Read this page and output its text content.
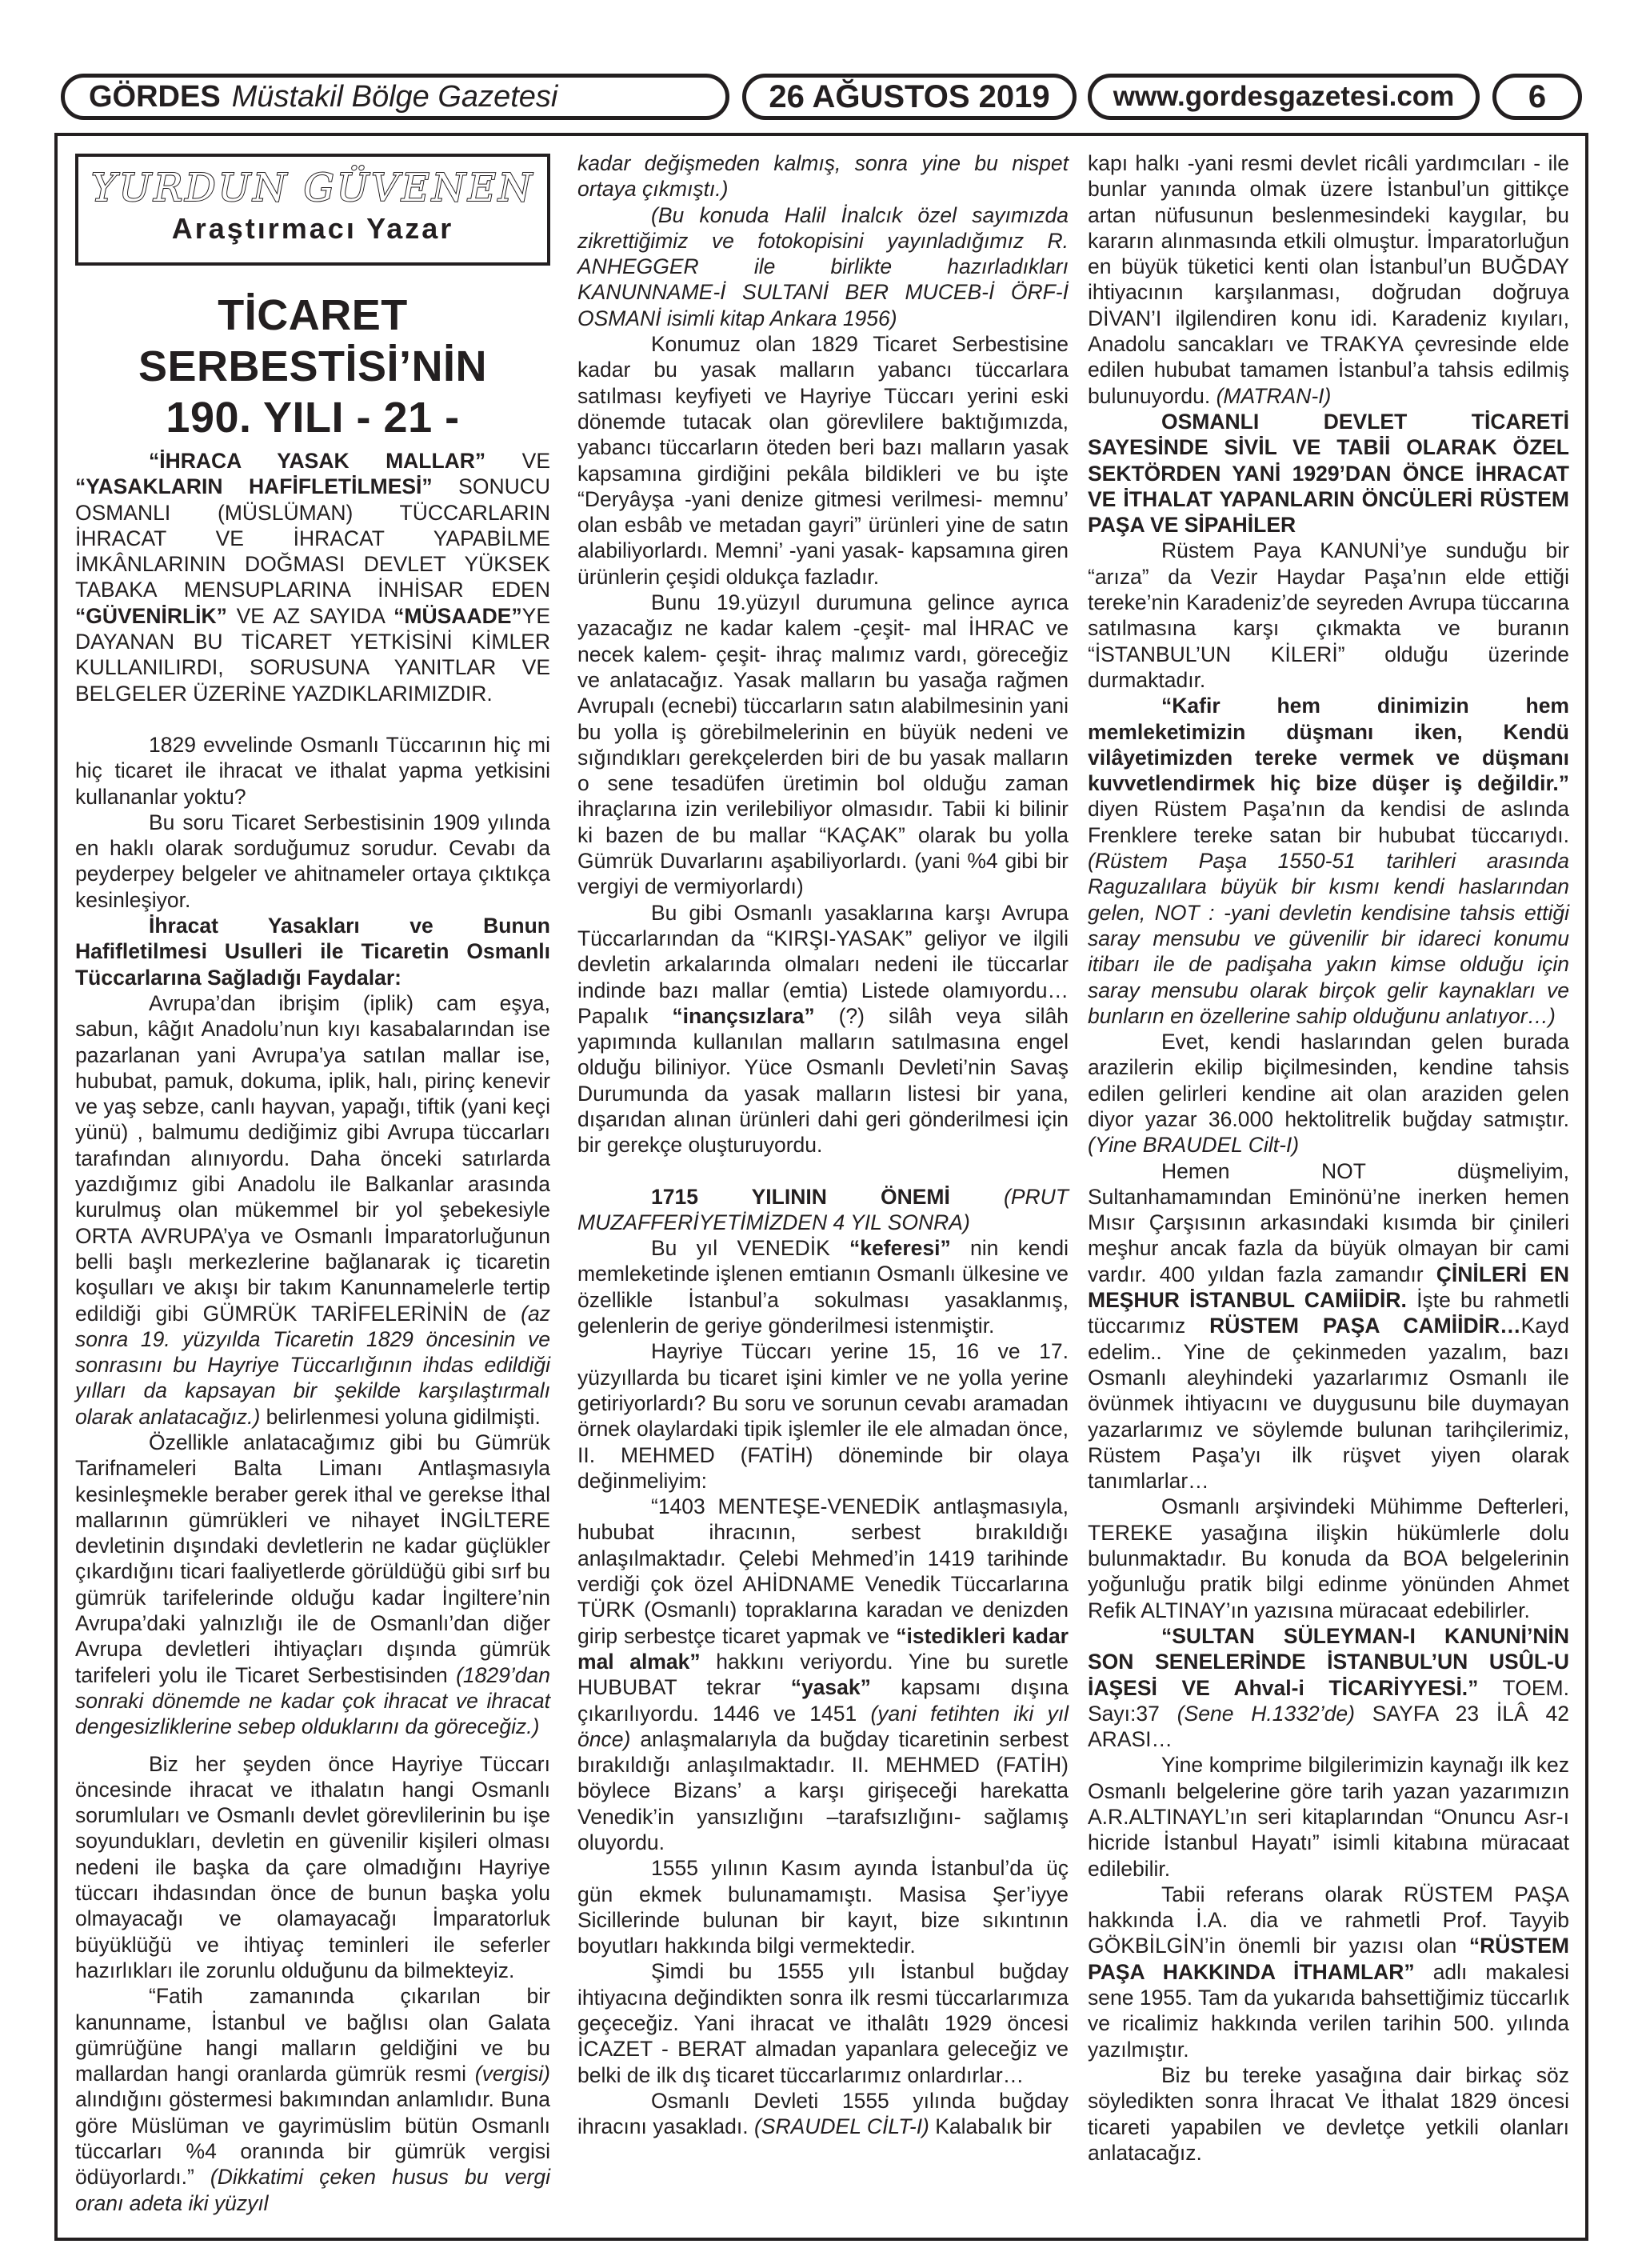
GÖRDES Müstakil Bölge Gazetesi	26 AĞUSTOS 2019 www.gordesgazetesi.com 6
YURDUN GÜVENEN
Araştırmacı Yazar
TİCARET SERBESTİSİ’NİN
190. YILI - 21 -

“İHRACA YASAK MALLAR” VE “YASAKLARIN HAFİFLETİLMESİ” SONUCU OSMANLI (MÜSLÜMAN) TÜCCARLARIN İHRACAT VE İHRACAT YAPABİLME İMKÂNLARININ DOĞMASI DEVLET YÜKSEK TABAKA MENSUPLARINA İNHİSAR EDEN “GÜVENİRLİK” VE AZ SAYIDA “MÜSAADE”YE DAYANAN BU TİCARET YETKİSİNİ KİMLER KULLANILIRDI, SORUSUNA YANITLAR VE BELGELER ÜZERİNE YAZDIKLARIMIZDIR.

1829 evvelinde Osmanlı Tüccarının hiç mi hiç ticaret ile ihracat ve ithalat yapma yetkisini kullananlar yoktu?

Bu soru Ticaret Serbestisinin 1909 yılında en haklı olarak sorduğumuz sorudur. Cevabı da peyderpey belgeler ve ahitnameler ortaya çıktıkça kesinleşiyor.

İhracat Yasakları ve Bunun Hafifletilmesi Usulleri ile Ticaretin Osmanlı Tüccarlarına Sağladığı Faydalar:

Avrupa’dan ibrişim (iplik) cam eşya, sabun, kâğıt Anadolu’nun kıyı kasabalarından ise pazarlanan yani Avrupa’ya satılan mallar ise, hububat, pamuk, dokuma, iplik, halı, pirinç kenevir ve yaş sebze, canlı hayvan, yapağı, tiftik (yani keçi yünü) , balmumu dediğimiz gibi Avrupa tüccarları tarafından alınıyordu. Daha önceki satırlarda yazdığımız gibi Anadolu ile Balkanlar arasında kurulmuş olan mükemmel bir yol şebekesiyle ORTA AVRUPA’ya ve Osmanlı İmparatorluğunun belli başlı merkezlerine bağlanarak iç ticaretin koşulları ve akışı bir takım Kanunnamelerle tertip edildiği gibi GÜMRÜK TARİFELERİNİN de (az sonra 19. yüzyılda Ticaretin 1829 öncesinin ve sonrasını bu Hayriye Tüccarlığının ihdas edildiği yılları da kapsayan bir şekilde karşılaştırmalı olarak anlatacağız.) belirlenmesi yoluna gidilmişti.

Özellikle anlatacağımız gibi bu Gümrük Tarifnameleri Balta Limanı Antlaşmasıyla kesinleşmekle beraber gerek ithal ve gerekse İthal mallarının gümrükleri ve nihayet İNGİLTERE devletinin dışındaki devletlerin ne kadar güçlükler çıkardığını ticari faaliyetlerde görüldüğü gibi sırf bu gümrük tarifelerinde olduğu kadar İngiltere’nin Avrupa’daki yalnızlığı ile de Osmanlı’dan diğer Avrupa devletleri ihtiyaçları dışında gümrük tarifeleri yolu ile Ticaret Serbestisinden (1829’dan sonraki dönemde ne kadar çok ihracat ve ihracat dengesizliklerine sebep olduklarını da göreceğiz.)

Biz her şeyden önce Hayriye Tüccarı öncesinde ihracat ve ithalatın hangi Osmanlı sorumluları ve Osmanlı devlet görevlilerinin bu işe soyundukları, devletin en güvenilir kişileri olması nedeni ile başka da çare olmadığını Hayriye tüccarı ihdasından önce de bunun başka yolu olmayacağı ve olamayacağı İmparatorluk büyüklüğü ve ihtiyaç teminleri ile seferler hazırlıkları ile zorunlu olduğunu da bilmekteyiz.

“Fatih zamanında çıkarılan bir kanunname, İstanbul ve bağlısı olan Galata gümrüğüne hangi malların geldiğini ve bu mallardan hangi oranlarda gümrük resmi (vergisi) alındığını göstermesi bakımından anlamlıdır. Buna göre Müslüman ve gayrimüslim bütün Osmanlı tüccarları %4 oranında bir gümrük vergisi ödüyorlardı.” (Dikkatimi çeken husus bu vergi oranı adeta iki yüzyıl

kadar değişmeden kalmış, sonra yine bu nispet ortaya çıkmıştı.)

(Bu konuda Halil İnalcık özel sayımızda zikrettiğimiz ve fotokopisini yayınladığımız R. ANHEGGER ile birlikte hazırladıkları KANUNNAME-İ SULTANİ BER MUCEB-İ ÖRF-İ OSMANİ isimli kitap Ankara 1956)

Konumuz olan 1829 Ticaret Serbestisine kadar bu yasak malların yabancı tüccarlara satılması keyfiyeti ve Hayriye Tüccarı yerini eski dönemde tutacak olan görevlilere baktığımızda, yabancı tüccarların öteden beri bazı malların yasak kapsamına girdiğini pekâla bildikleri ve bu işte “Deryâyşa -yani denize gitmesi verilmesi- memnu’ olan esbâb ve metadan gayri” ürünleri yine de satın alabiliyorlardı. Memni’ -yani yasak- kapsamına giren ürünlerin çeşidi oldukça fazladır.

Bunu 19.yüzyıl durumuna gelince ayrıca yazacağız ne kadar kalem -çeşit- mal İHRAC ve necek kalem- çeşit- ihraç malımız vardı, göreceğiz ve anlatacağız. Yasak malların bu yasağa rağmen Avrupalı (ecnebi) tüccarların satın alabilmesinin yani bu yolla iş görebilmelerinin en büyük nedeni ve sığındıkları gerekçelerden biri de bu yasak malların o sene tesadüfen üretimin bol olduğu zaman ihraçlarına izin verilebiliyor olmasıdır. Tabii ki bilinir ki bazen de bu mallar “KAÇAK” olarak bu yolla Gümrük Duvarlarını aşabiliyorlardı. (yani %4 gibi bir vergiyi de vermiyorlardı)

Bu gibi Osmanlı yasaklarına karşı Avrupa Tüccarlarından da “KIRŞI-YASAK” geliyor ve ilgili devletin arkalarında olmaları nedeni ile tüccarlar indinde bazı mallar (emtia) Listede olamıyordu… Papalık “inançsızlara” (?) silâh veya silâh yapımında kullanılan malların satılmasına engel olduğu biliniyor. Yüce Osmanlı Devleti’nin Savaş Durumunda da yasak malların listesi bir yana, dışarıdan alınan ürünleri dahi geri gönderilmesi için bir gerekçe oluşturuyordu.

1715 YILININ ÖNEMİ (PRUT MUZAFFERİYETİMİZDEN 4 YIL SONRA)

Bu yıl VENEDİK “keferesi” nin kendi memleketinde işlenen emtianın Osmanlı ülkesine ve özellikle İstanbul’a sokulması yasaklanmış, gelenlerin de geriye gönderilmesi istenmiştir.

Hayriye Tüccarı yerine 15, 16 ve 17. yüzyıllarda bu ticaret işini kimler ve ne yolla yerine getiriyorlardı? Bu soru ve sorunun cevabı aramadan örnek olaylardaki tipik işlemler ile ele almadan önce, II. MEHMED (FATİH) döneminde bir olaya değinmeliyim:

“1403 MENTEŞE-VENEDİK antlaşmasıyla, hububat ihracının, serbest bırakıldığı anlaşılmaktadır. Çelebi Mehmed’in 1419 tarihinde verdiği çok özel AHİDNAME Venedik Tüccarlarına TÜRK (Osmanlı) topraklarına karadan ve denizden girip serbestçe ticaret yapmak ve “istedikleri kadar mal almak” hakkını veriyordu. Yine bu suretle HUBUBAT tekrar “yasak” kapsamı dışına çıkarılıyordu. 1446 ve 1451 (yani fetihten iki yıl önce) anlaşmalarıyla da buğday ticaretinin serbest bırakıldığı anlaşılmaktadır. II. MEHMED (FATİH) böylece Bizans’ a karşı girişeceği harekatta Venedik’in yansızlığını –tarafsızlığını- sağlamış oluyordu.

1555 yılının Kasım ayında İstanbul’da üç gün ekmek bulunamamıştı. Masisa Şer’iyye Sicillerinde bulunan bir kayıt, bize sıkıntının boyutları hakkında bilgi vermektedir.

Şimdi bu 1555 yılı İstanbul buğday ihtiyacına değindikten sonra ilk resmi tüccarlarımıza geçeceğiz. Yani ihracat ve ithalâtı 1929 öncesi İCAZET - BERAT almadan yapanlara geleceğiz ve belki de ilk dış ticaret tüccarlarımız onlardırlar…

Osmanlı Devleti 1555 yılında buğday ihracını yasakladı. (SRAUDEL CİLT-I) Kalabalık bir

kapı halkı -yani resmi devlet ricâli yardımcıları - ile bunlar yanında olmak üzere İstanbul’un gittikçe artan nüfusunun beslenmesindeki kaygılar, bu kararın alınmasında etkili olmuştur. İmparatorluğun en büyük tüketici kenti olan İstanbul’un BUĞDAY ihtiyacının karşılanması, doğrudan doğruya DİVAN’I ilgilendiren konu idi. Karadeniz kıyıları, Anadolu sancakları ve TRAKYA çevresinde elde edilen hububat tamamen İstanbul’a tahsis edilmiş bulunuyordu. (MATRAN-I)

OSMANLI DEVLET TİCARETİ SAYESİNDE SİVİL VE TABİİ OLARAK ÖZEL SEKTÖRDEN YANİ 1929’DAN ÖNCE İHRACAT VE İTHALAT YAPANLARIN ÖNCÜLERİ RÜSTEM PAŞA VE SİPAHİLER

Rüstem Paya KANUNİ’ye sunduğu bir “arıza” da Vezir Haydar Paşa’nın elde ettiği tereke’nin Karadeniz’de seyreden Avrupa tüccarına satılmasına karşı çıkmakta ve buranın “İSTANBUL’UN KİLERİ” olduğu üzerinde durmaktadır.

“Kafir hem dinimizin hem memleketimizin düşmanı iken, Kendü vilâyetimizden tereke vermek ve düşmanı kuvvetlendirmek hiç bize düşer iş değildir.” diyen Rüstem Paşa’nın da kendisi de aslında Frenklere tereke satan bir hububat tüccarıydı. (Rüstem Paşa 1550-51 tarihleri arasında Raguzalılara büyük bir kısmı kendi haslarından gelen, NOT : -yani devletin kendisine tahsis ettiği saray mensubu ve güvenilir bir idareci konumu itibarı ile de padişaha yakın kimse olduğu için saray mensubu olarak birçok gelir kaynakları ve bunların en özellerine sahip olduğunu anlatıyor…)

Evet, kendi haslarından gelen burada arazilerin ekilip biçilmesinden, kendine tahsis edilen gelirleri kendine ait olan araziden gelen diyor yazar 36.000 hektolitrelik buğday satmıştır. (Yine BRAUDEL Cilt-I)

Hemen NOT düşmeliyim, Sultanhamamından Eminönü’ne inerken hemen Mısır Çarşısının arkasındaki kısımda bir çinileri meşhur ancak fazla da büyük olmayan bir cami vardır. 400 yıldan fazla zamandır ÇİNİLERİ EN MEŞHUR İSTANBUL CAMİİDİR. İşte bu rahmetli tüccarımız RÜSTEM PAŞA CAMİİDİR…Kayd edelim.. Yine de çekinmeden yazalım, bazı Osmanlı aleyhindeki yazarlarımız Osmanlı ile övünmek ihtiyacını ve duygusunu bile duymayan yazarlarımız ve söylemde bulunan tarihçilerimiz, Rüstem Paşa’yı ilk rüşvet yiyen olarak tanımlarlar…

Osmanlı arşivindeki Mühimme Defterleri, TEREKE yasağına ilişkin hükümlerle dolu bulunmaktadır. Bu konuda da BOA belgelerinin yoğunluğu pratik bilgi edinme yönünden Ahmet Refik ALTINAY’ın yazısına müracaat edebilirler.

“SULTAN SÜLEYMAN-I KANUNİ’NİN SON SENELERİNDE İSTANBUL’UN USÛL-U İAŞESİ VE Ahval-i TİCARİYYESİ.” TOEM. Sayı:37 (Sene H.1332’de) SAYFA 23 İLÂ 42 ARASI…

Yine komprime bilgilerimizin kaynağı ilk kez Osmanlı belgelerine göre tarih yazan yazarımızın A.R.ALTINAYL’ın seri kitaplarından “Onuncu Asr-ı hicride İstanbul Hayatı” isimli kitabına müracaat edilebilir.

Tabii referans olarak RÜSTEM PAŞA hakkında İ.A. dia ve rahmetli Prof. Tayyib GÖKBİLGİN’in önemli bir yazısı olan “RÜSTEM PAŞA HAKKINDA İTHAMLAR” adlı makalesi sene 1955. Tam da yukarıda bahsettiğimiz tüccarlık ve ricalimiz hakkında verilen tarihin 500. yılında yazılmıştır.

Biz bu tereke yasağına dair birkaç söz söyledikten sonra İhracat Ve İthalat 1829 öncesi ticareti yapabilen ve devletçe yetkili olanları anlatacağız.
